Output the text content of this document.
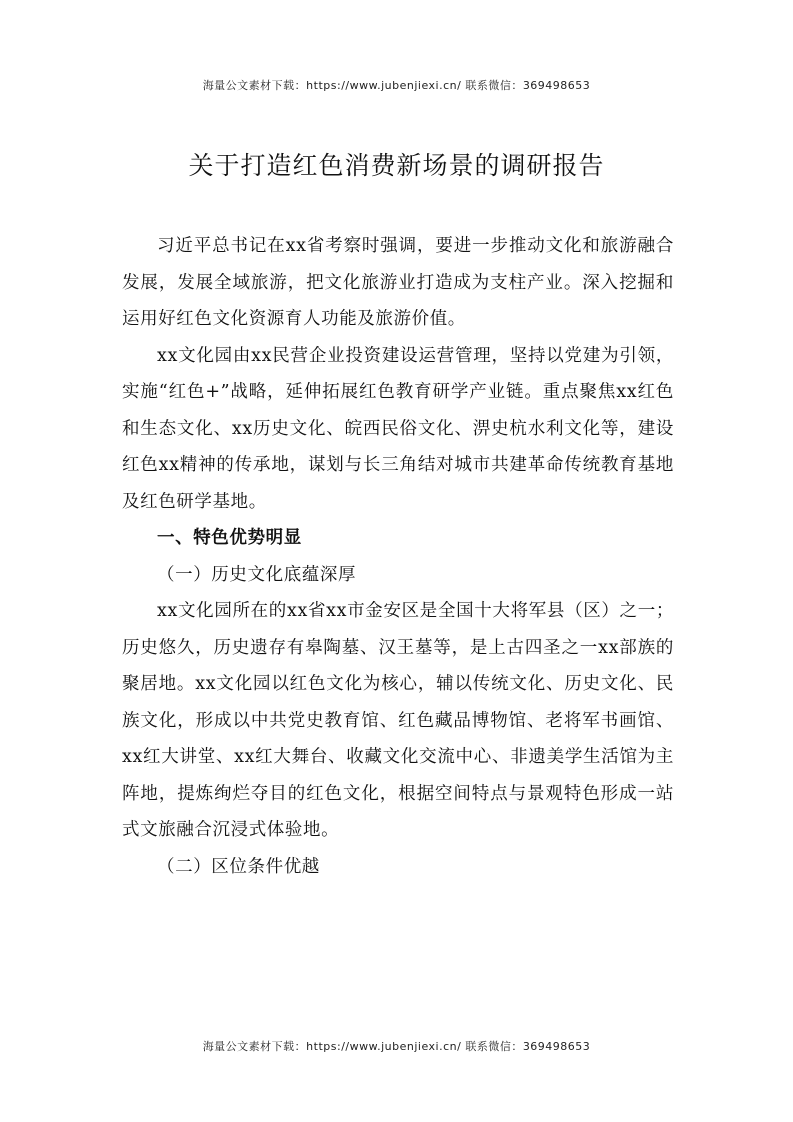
海量公文素材下载：https://www.jubenjiexi.cn/ 联系微信：369498653
关于打造红色消费新场景的调研报告

习近平总书记在xx省考察时强调，要进一步推动文化和旅游融合发展，发展全域旅游，把文化旅游业打造成为支柱产业。深入挖掘和运用好红色文化资源育人功能及旅游价值。

xx文化园由xx民营企业投资建设运营管理，坚持以党建为引领，实施“红色+”战略，延伸拓展红色教育研学产业链。重点聚焦xx红色和生态文化、xx历史文化、皖西民俗文化、淠史杭水利文化等，建设红色xx精神的传承地，谋划与长三角结对城市共建革命传统教育基地及红色研学基地。

一、特色优势明显
（一）历史文化底蕴深厚

xx文化园所在的xx省xx市金安区是全国十大将军县（区）之一；历史悠久，历史遗存有皋陶墓、汉王墓等，是上古四圣之一xx部族的聚居地。xx文化园以红色文化为核心，辅以传统文化、历史文化、民族文化，形成以中共党史教育馆、红色藏品博物馆、老将军书画馆、xx红大讲堂、xx红大舞台、收藏文化交流中心、非遗美学生活馆为主阵地，提炼绚烂夺目的红色文化，根据空间特点与景观特色形成一站式文旅融合沉浸式体验地。

（二）区位条件优越
海量公文素材下载：https://www.jubenjiexi.cn/ 联系微信：369498653
